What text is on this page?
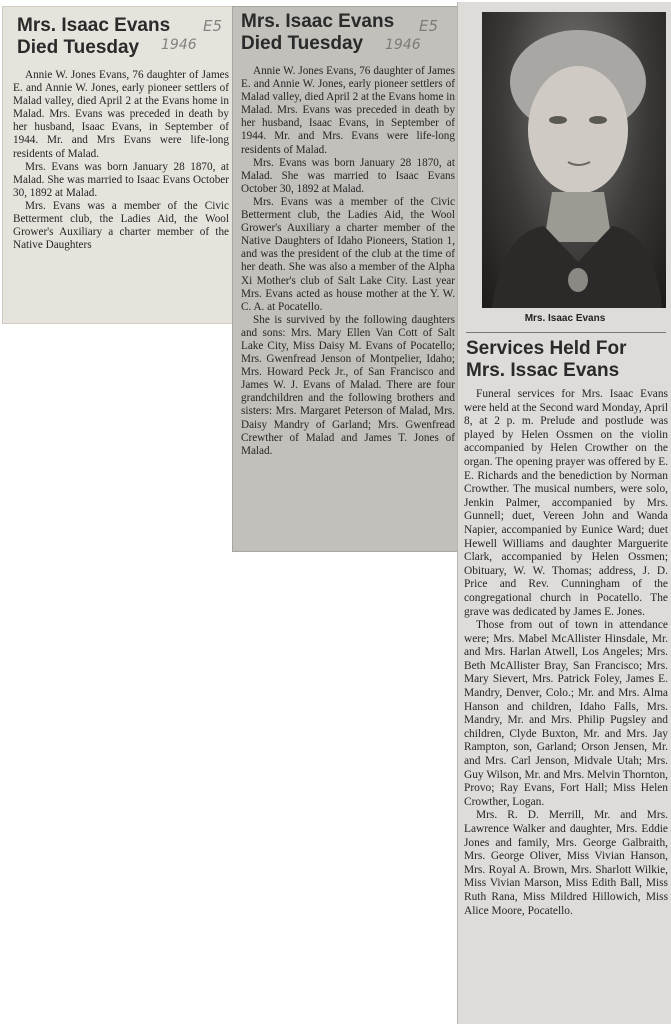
Mrs. Isaac Evans
Died Tuesday	1946
E5

Annie W. Jones Evans, 76 daughter of James E. and Annie W. Jones, early pioneer settlers of Malad valley, died April 2 at the Evans home in Malad. Mrs. Evans was preceded in death by her husband, Isaac Evans, in September of 1944. Mr. and Mrs Evans were life-long residents of Malad.

Mrs. Evans was born January 28 1870, at Malad. She was married to Isaac Evans October 30, 1892 at Malad.

Mrs. Evans was a member of the Civic Betterment club, the Ladies Aid, the Wool Grower's Auxiliary a charter member of the Native Daughters

Mrs. Isaac Evans
Died Tuesday	1946
E5

Annie W. Jones Evans, 76 daughter of James E. and Annie W. Jones, early pioneer settlers of Malad valley, died April 2 at the Evans home in Malad. Mrs. Evans was preceded in death by her husband, Isaac Evans, in September of 1944. Mr. and Mrs. Evans were life-long residents of Malad.

Mrs. Evans was born January 28 1870, at Malad. She was married to Isaac Evans October 30, 1892 at Malad.

Mrs. Evans was a member of the Civic Betterment club, the Ladies Aid, the Wool Grower's Auxiliary a charter member of the Native Daughters of Idaho Pioneers, Station 1, and was the president of the club at the time of her death. She was also a member of the Alpha Xi Mother's club of Salt Lake City. Last year Mrs. Evans acted as house mother at the Y. W. C. A. at Pocatello.

She is survived by the following daughters and sons: Mrs. Mary Ellen Van Cott of Salt Lake City, Miss Daisy M. Evans of Pocatello; Mrs. Gwenfread Jenson of Montpelier, Idaho; Mrs. Howard Peck Jr., of San Francisco and James W. J. Evans of Malad. There are four grandchildren and the following brothers and sisters: Mrs. Margaret Peterson of Malad, Mrs. Daisy Mandry of Garland; Mrs. Gwenfread Crewther of Malad and James T. Jones of Malad.

Mrs. Isaac Evans
Services Held For
Mrs. Issac Evans

Funeral services for Mrs. Isaac Evans were held at the Second ward Monday, April 8, at 2 p. m. Prelude and postlude was played by Helen Ossmen on the violin accompanied by Helen Crowther on the organ. The opening prayer was offered by E. E. Richards and the benediction by Norman Crowther. The musical numbers, were solo, Jenkin Palmer, accompanied by Mrs. Gunnell; duet, Vereen John and Wanda Napier, accompanied by Eunice Ward; duet Hewell Williams and daughter Marguerite Clark, accompanied by Helen Ossmen; Obituary, W. W. Thomas; address, J. D. Price and Rev. Cunningham of the congregational church in Pocatello. The grave was dedicated by James E. Jones.

Those from out of town in attendance were; Mrs. Mabel McAllister Hinsdale, Mr. and Mrs. Harlan Atwell, Los Angeles; Mrs. Beth McAllister Bray, San Francisco; Mrs. Mary Sievert, Mrs. Patrick Foley, James E. Mandry, Denver, Colo.; Mr. and Mrs. Alma Hanson and children, Idaho Falls, Mrs. Mandry, Mr. and Mrs. Philip Pugsley and children, Clyde Buxton, Mr. and Mrs. Jay Rampton, son, Garland; Orson Jensen, Mr. and Mrs. Carl Jenson, Midvale Utah; Mrs. Guy Wilson, Mr. and Mrs. Melvin Thornton, Provo; Ray Evans, Fort Hall; Miss Helen Crowther, Logan.

Mrs. R. D. Merrill, Mr. and Mrs. Lawrence Walker and daughter, Mrs. Eddie Jones and family, Mrs. George Galbraith, Mrs. George Oliver, Miss Vivian Hanson, Mrs. Royal A. Brown, Mrs. Sharlott Wilkie, Miss Vivian Marson, Miss Edith Ball, Miss Ruth Rana, Miss Mildred Hillowich, Miss Alice Moore, Pocatello.
